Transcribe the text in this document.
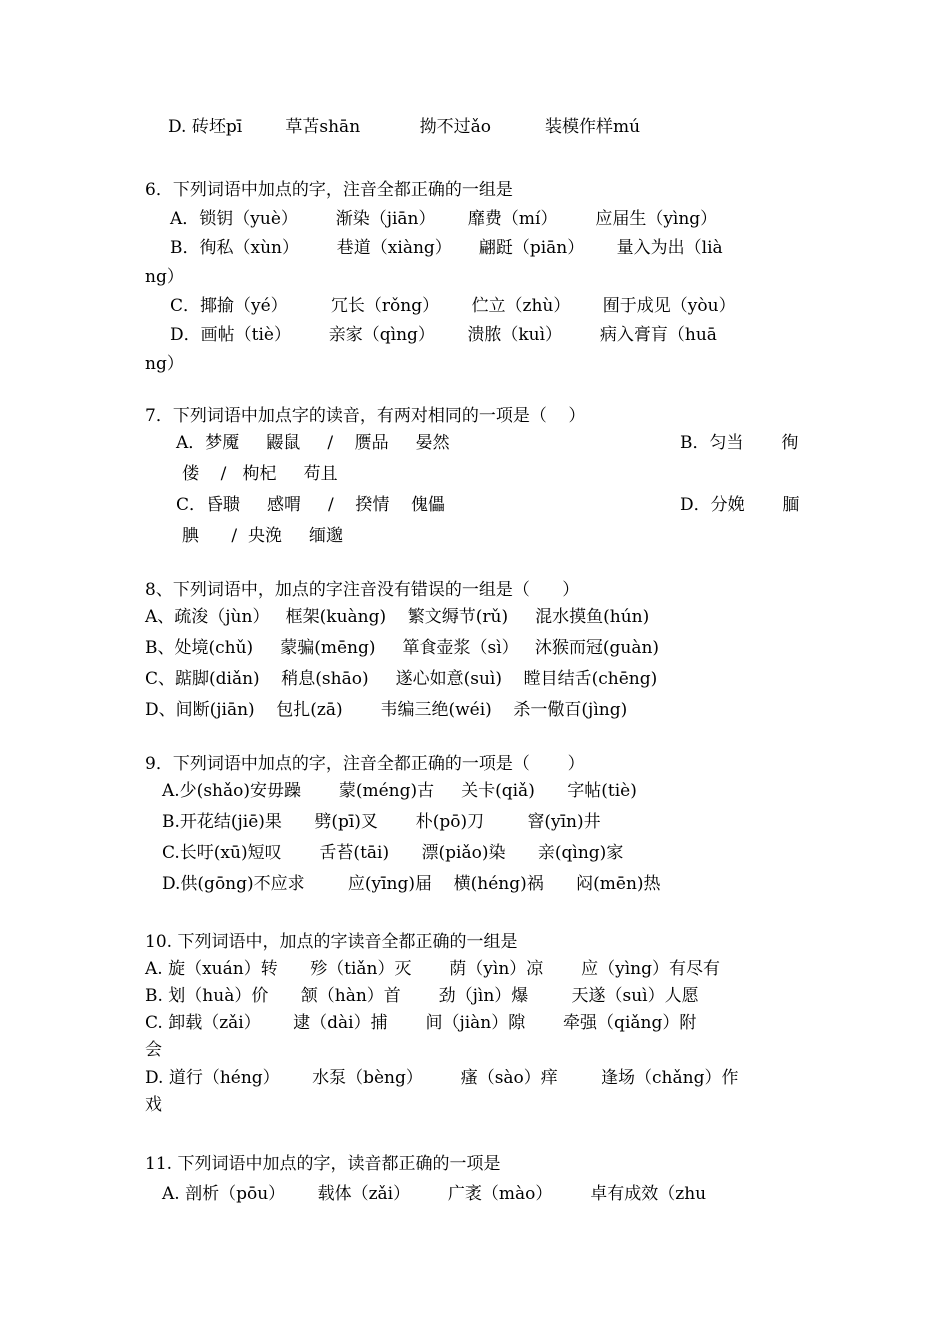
D. 砖坯pī        草苫shān           拗不过ǎo          装模作样mú
6．下列词语中加点的字，注音全都正确的一组是
A．锁钥（yuè）       渐染（jiān）      靡费（mí）       应届生（yìng）
B．徇私（xùn）       巷道（xiàng）     翩跹（piān）      量入为出（lià
ng）
C．揶揄（yé）        冗长（rǒng）      伫立（zhù）      囿于成见（yòu）
D．画帖（tiè）       亲家（qìng）      溃脓（kuì）       病入膏肓（huā
ng）
7．下列词语中加点字的读音，有两对相同的一项是（    ）
A．梦魇     鼹鼠     /    赝品     晏然	B．匀当       徇
偻    /   枸杞     苟且
C．昏聩     感喟     /    揆情    傀儡	D．分娩       腼
腆      /  央浼     缅邈
8、下列词语中，加点的字注音没有错误的一组是（      ）
A、疏浚（jùn）   框架(kuàng)    繁文缛节(rǔ)     混水摸鱼(hún)
B、处境(chǔ)     蒙骗(mēng)     箪食壶浆（sì）   沐猴而冠(guàn)
C、踮脚(diǎn)    稍息(shāo)     遂心如意(suì)    瞠目结舌(chēng)
D、间断(jiān)    包扎(zā)       韦编三绝(wéi)    杀一儆百(jìng)
9．下列词语中加点的字，注音全都正确的一项是（       ）
A.少(shǎo)安毋躁       蒙(méng)古     关卡(qiǎ)      字帖(tiè)
B.开花结(jiē)果      劈(pī)叉       朴(pō)刀        窨(yīn)井
C.长吁(xū)短叹       舌苔(tāi)      漂(piǎo)染      亲(qìng)家
D.供(gōng)不应求        应(yīng)届    横(héng)祸      闷(mēn)热
10. 下列词语中，加点的字读音全都正确的一组是
A. 旋（xuán）转      殄（tiǎn）灭       荫（yìn）凉       应（yìng）有尽有
B. 划（huà）价      颔（hàn）首       劲（jìn）爆        天遂（suì）人愿
C. 卸载（zǎi）      逮（dài）捕       间（jiàn）隙       牵强（qiǎng）附
会
D. 道行（héng）      水泵（bèng）       瘙（sào）痒        逢场（chǎng）作
戏
11. 下列词语中加点的字，读音都正确的一项是
A. 剖析（pōu）      载体（zǎi）       广袤（mào）       卓有成效（zhu
